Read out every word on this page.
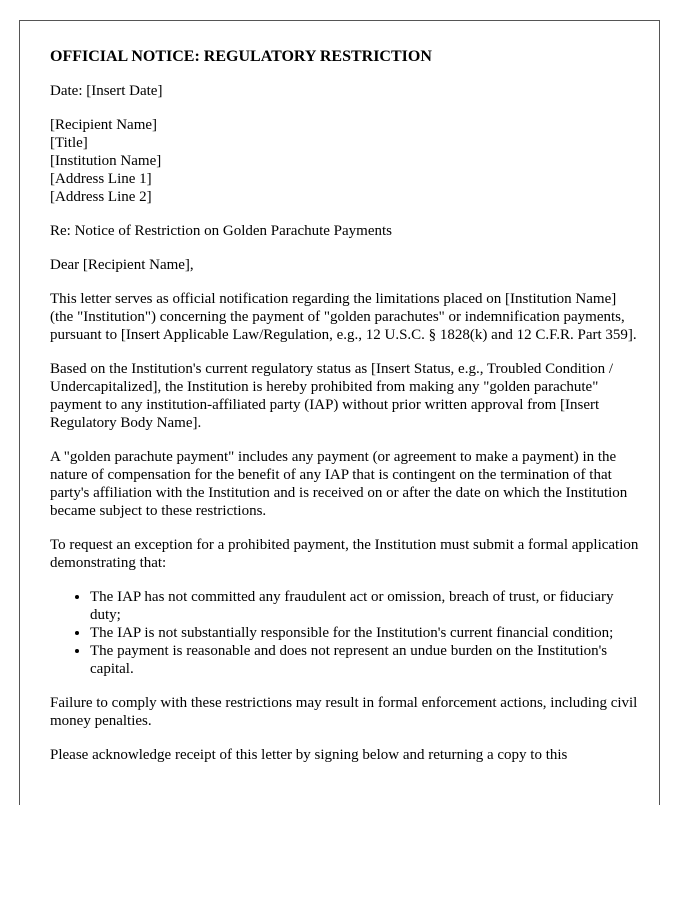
OFFICIAL NOTICE: REGULATORY RESTRICTION

Date: [Insert Date]

[Recipient Name]
[Title]
[Institution Name]
[Address Line 1]
[Address Line 2]

Re: Notice of Restriction on Golden Parachute Payments

Dear [Recipient Name],

This letter serves as official notification regarding the limitations placed on [Institution Name] (the "Institution") concerning the payment of "golden parachutes" or indemnification payments, pursuant to [Insert Applicable Law/Regulation, e.g., 12 U.S.C. § 1828(k) and 12 C.F.R. Part 359].

Based on the Institution's current regulatory status as [Insert Status, e.g., Troubled Condition / Undercapitalized], the Institution is hereby prohibited from making any "golden parachute" payment to any institution-affiliated party (IAP) without prior written approval from [Insert Regulatory Body Name].

A "golden parachute payment" includes any payment (or agreement to make a payment) in the nature of compensation for the benefit of any IAP that is contingent on the termination of that party's affiliation with the Institution and is received on or after the date on which the Institution became subject to these restrictions.

To request an exception for a prohibited payment, the Institution must submit a formal application demonstrating that:

• The IAP has not committed any fraudulent act or omission, breach of trust, or fiduciary duty;
• The IAP is not substantially responsible for the Institution's current financial condition;
• The payment is reasonable and does not represent an undue burden on the Institution's capital.

Failure to comply with these restrictions may result in formal enforcement actions, including civil money penalties.

Please acknowledge receipt of this letter by signing below and returning a copy to this
